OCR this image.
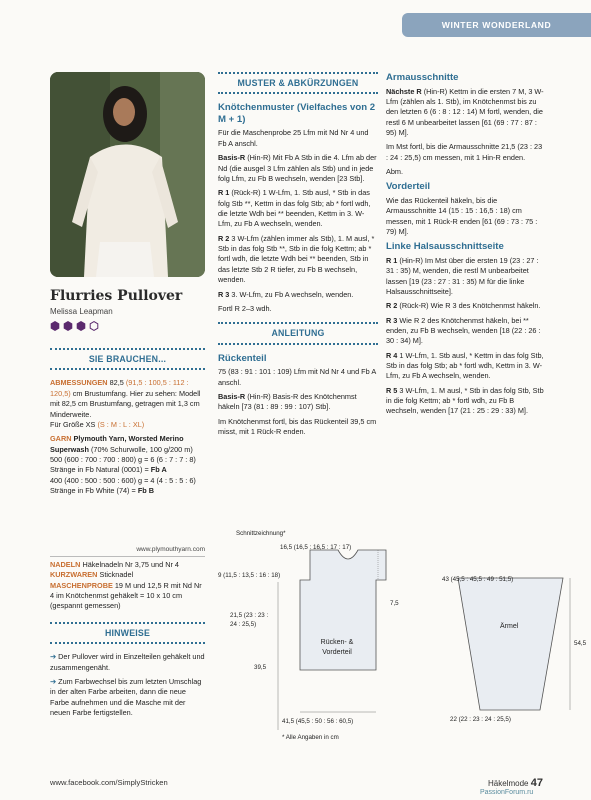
WINTER WONDERLAND
Flurries Pullover
Melissa Leapman
SIE BRAUCHEN...

ABMESSUNGEN 82,5 (91,5 : 100,5 : 112 : 120,5) cm Brustumfang. Hier zu sehen: Modell mit 82,5 cm Brustumfang, getragen mit 1,3 cm Minderweite.
Für Größe XS (S : M : L : XL)

GARN Plymouth Yarn, Worsted Merino Superwash (70% Schurwolle, 100 g/200 m) 500 (600 : 700 : 700 : 800) g = 6 (6 : 7 : 7 : 8) Stränge in Fb Natural (0001) = Fb A
400 (400 : 500 : 500 : 600) g = 4 (4 : 5 : 5 : 6) Stränge in Fb White (74) = Fb B

www.plymouthyarn.com

NADELN Häkelnadeln Nr 3,75 und Nr 4
KURZWAREN Sticknadel
MASCHENPROBE 19 M und 12,5 R mit Nd Nr 4 im Knötchenmst gehäkelt = 10 x 10 cm (gespannt gemessen)

HINWEISE

➔ Der Pullover wird in Einzelteilen gehäkelt und zusammengenäht.

➔ Zum Farbwechsel bis zum letzten Umschlag in der alten Farbe arbeiten, dann die neue Farbe aufnehmen und die Masche mit der neuen Farbe fertigstellen.

MUSTER & ABKÜRZUNGEN
Knötchenmuster (Vielfaches von 2 M + 1)

Für die Maschenprobe 25 Lfm mit Nd Nr 4 und Fb A anschl.

Basis-R (Hin-R) Mit Fb A Stb in die 4. Lfm ab der Nd (die ausgel 3 Lfm zählen als Stb) und in jede folg Lfm, zu Fb B wechseln, wenden [23 Stb].

R 1 (Rück-R) 1 W-Lfm, 1. Stb ausl, * Stb in das folg Stb **, Kettm in das folg Stb; ab * fortl wdh, die letzte Wdh bei ** beenden, Kettm in 3. W-Lfm, zu Fb A wechseln, wenden.

R 2 3 W-Lfm (zählen immer als Stb), 1. M ausl, * Stb in das folg Stb **, Stb in die folg Kettm; ab * fortl wdh, die letzte Wdh bei ** beenden, Stb in das letzte Stb 2 R tiefer, zu Fb B wechseln, wenden.

R 3 3. W-Lfm, zu Fb A wechseln, wenden.

Fortl R 2–3 wdh.

ANLEITUNG
Rückenteil

75 (83 : 91 : 101 : 109) Lfm mit Nd Nr 4 und Fb A anschl.

Basis-R (Hin-R) Basis-R des Knötchenmst häkeln [73 (81 : 89 : 99 : 107) Stb].

Im Knötchenmst fortl, bis das Rückenteil 39,5 cm misst, mit 1 Rück-R enden.

Armausschnitte

Nächste R (Hin-R) Kettm in die ersten 7 M, 3 W-Lfm (zählen als 1. Stb), im Knötchenmst bis zu den letzten 6 (6 : 8 : 12 : 14) M fortl, wenden, die restl 6 M unbearbeitet lassen [61 (69 : 77 : 87 : 95) M].

Im Mst fortl, bis die Armausschnitte 21,5 (23 : 23 : 24 : 25,5) cm messen, mit 1 Hin-R enden.

Abm.

Vorderteil

Wie das Rückenteil häkeln, bis die Armausschnitte 14 (15 : 15 : 16,5 : 18) cm messen, mit 1 Rück-R enden [61 (69 : 73 : 75 : 79) M].

Linke Halsausschnittseite

R 1 (Hin-R) Im Mst über die ersten 19 (23 : 27 : 31 : 35) M, wenden, die restl M unbearbeitet lassen [19 (23 : 27 : 31 : 35) M für die linke Halsausschnittseite].

R 2 (Rück-R) Wie R 3 des Knötchenmst häkeln.

R 3 Wie R 2 des Knötchenmst häkeln, bei ** enden, zu Fb B wechseln, wenden [18 (22 : 26 : 30 : 34) M].

R 4 1 W-Lfm, 1. Stb ausl, * Kettm in das folg Stb, Stb in das folg Stb; ab * fortl wdh, Kettm in 3. W-Lfm, zu Fb A wechseln, wenden.

R 5 3 W-Lfm, 1. M ausl, * Stb in das folg Stb, Stb in die folg Kettm; ab * fortl wdh, zu Fb B wechseln, wenden [17 (21 : 25 : 29 : 33) M].

Schnittzeichnung*
16,5 (16,5 : 16,5 : 17 : 17)
9 (11,5 : 13,5 : 16 : 18)
7,5
21,5 (23 : 23 : 24 : 25,5)
39,5
Rücken- & Vorderteil
41,5 (45,5 : 50 : 56 : 60,5)
* Alle Angaben in cm
43 (45,5 : 45,5 : 49 : 51,5)
54,5
Ärmel
22 (22 : 23 : 24 : 25,5)
www.facebook.com/SimplyStricken	Häkelmode 47
PassionForum.ru
